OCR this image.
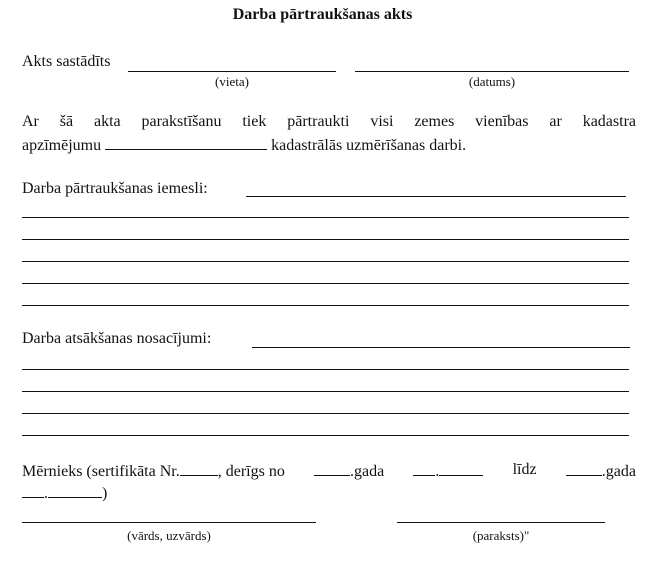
Darba pārtraukšanas akts
Akts sastādīts
(vieta)	(datums)
Ar šā akta parakstīšanu tiek pārtraukti visi zemes vienības ar kadastra
apzīmējumu	kadastrālās uzmērīšanas darbi.
Darba pārtraukšanas iemesli:
Darba atsākšanas nosacījumi:
Mērnieks (sertifikāta Nr. , derīgs no	.gada	.	līdz	.gada
.	)
(vārds, uzvārds)	(paraksts)"
